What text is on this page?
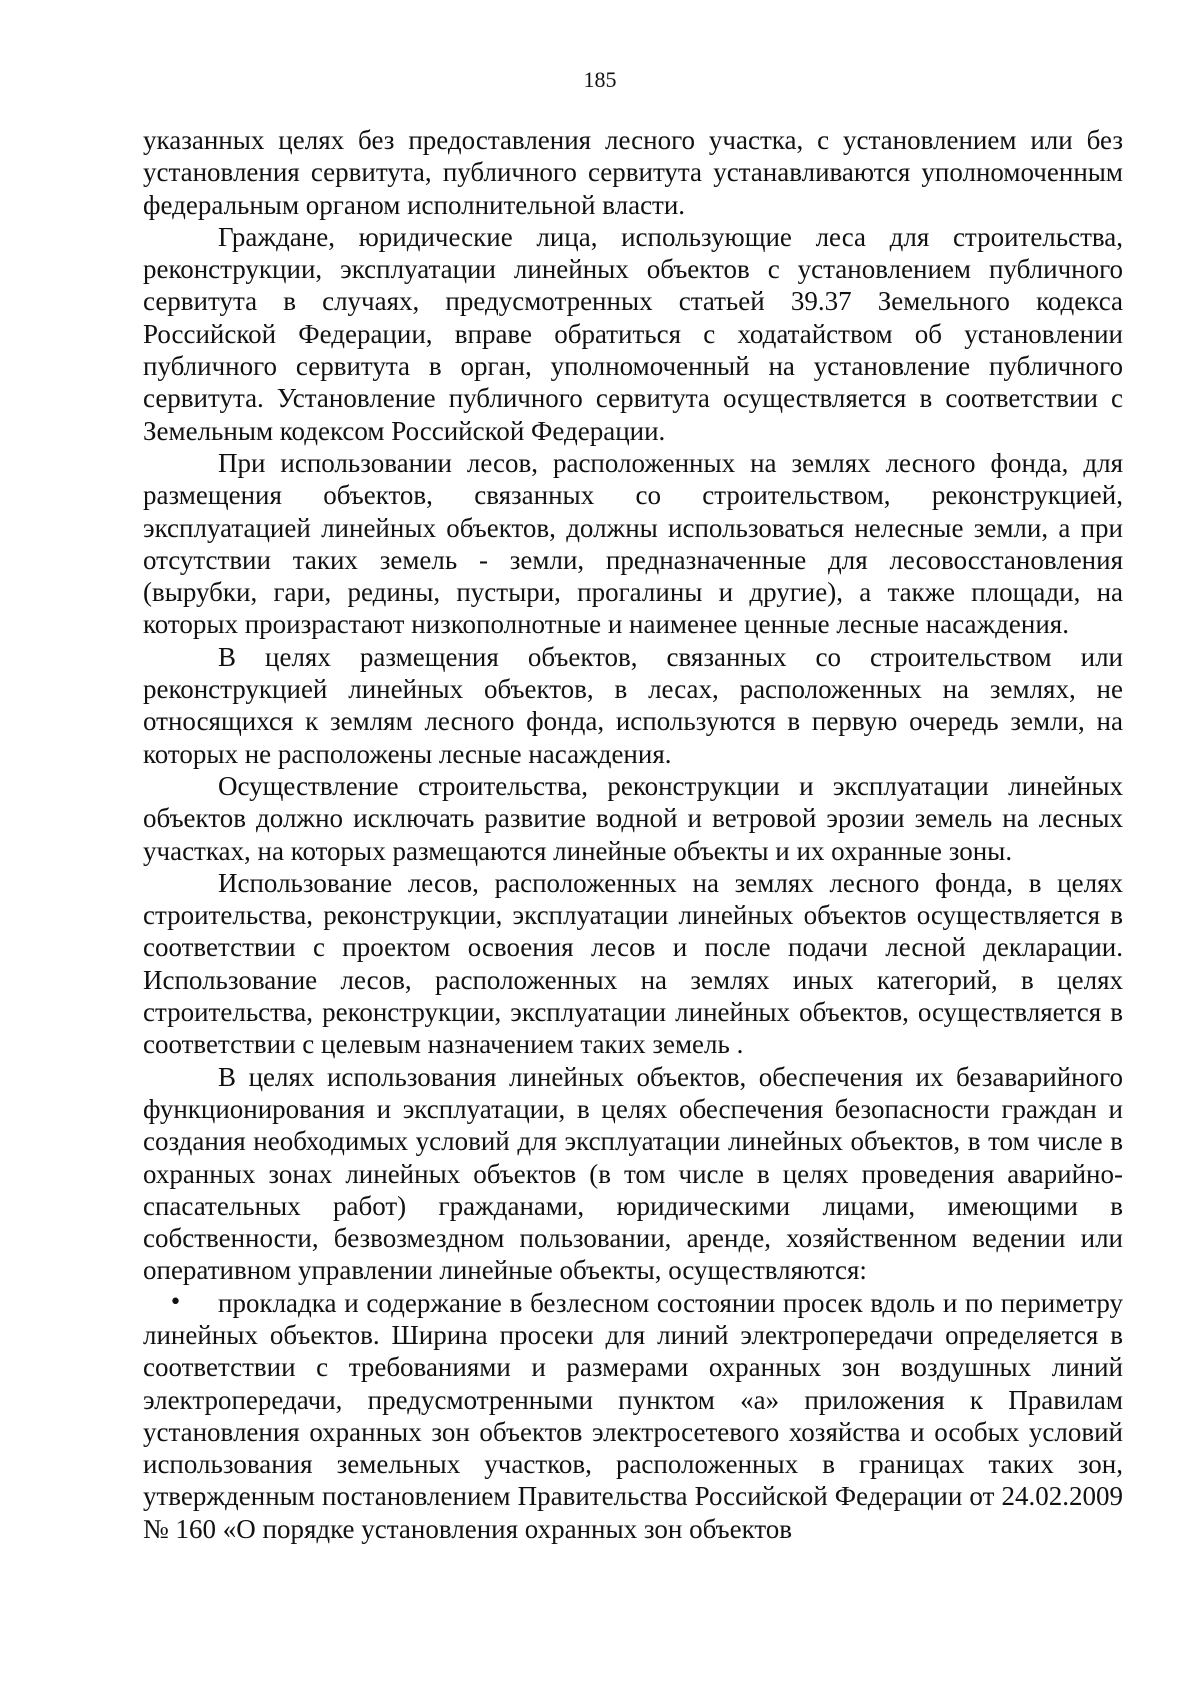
185

указанных целях без предоставления лесного участка, с установлением или без установления сервитута, публичного сервитута устанавливаются уполномоченным федеральным органом исполнительной власти.

Граждане, юридические лица, использующие леса для строительства, реконструкции, эксплуатации линейных объектов с установлением публичного сервитута в случаях, предусмотренных статьей 39.37 Земельного кодекса Российской Федерации, вправе обратиться с ходатайством об установлении публичного сервитута в орган, уполномоченный на установление публичного сервитута. Установление публичного сервитута осуществляется в соответствии с Земельным кодексом Российской Федерации.

При использовании лесов, расположенных на землях лесного фонда, для размещения объектов, связанных со строительством, реконструкцией, эксплуатацией линейных объектов, должны использоваться нелесные земли, а при отсутствии таких земель - земли, предназначенные для лесовосстановления (вырубки, гари, редины, пустыри, прогалины и другие), а также площади, на которых произрастают низкополнотные и наименее ценные лесные насаждения.

В целях размещения объектов, связанных со строительством или реконструкцией линейных объектов, в лесах, расположенных на землях, не относящихся к землям лесного фонда, используются в первую очередь земли, на которых не расположены лесные насаждения.

Осуществление строительства, реконструкции и эксплуатации линейных объектов должно исключать развитие водной и ветровой эрозии земель на лесных участках, на которых размещаются линейные объекты и их охранные зоны.

Использование лесов, расположенных на землях лесного фонда, в целях строительства, реконструкции, эксплуатации линейных объектов осуществляется в соответствии с проектом освоения лесов и после подачи лесной декларации. Использование лесов, расположенных на землях иных категорий, в целях строительства, реконструкции, эксплуатации линейных объектов, осуществляется в соответствии с целевым назначением таких земель .

В целях использования линейных объектов, обеспечения их безаварийного функционирования и эксплуатации, в целях обеспечения безопасности граждан и создания необходимых условий для эксплуатации линейных объектов, в том числе в охранных зонах линейных объектов (в том числе в целях проведения аварийно-спасательных работ) гражданами, юридическими лицами, имеющими в собственности, безвозмездном пользовании, аренде, хозяйственном ведении или оперативном управлении линейные объекты, осуществляются:

• прокладка и содержание в безлесном состоянии просек вдоль и по периметру линейных объектов. Ширина просеки для линий электропередачи определяется в соответствии с требованиями и размерами охранных зон воздушных линий электропередачи, предусмотренными пунктом «а» приложения к Правилам установления охранных зон объектов электросетевого хозяйства и особых условий использования земельных участков, расположенных в границах таких зон, утвержденным постановлением Правительства Российской Федерации от 24.02.2009 № 160 «О порядке установления охранных зон объектов
